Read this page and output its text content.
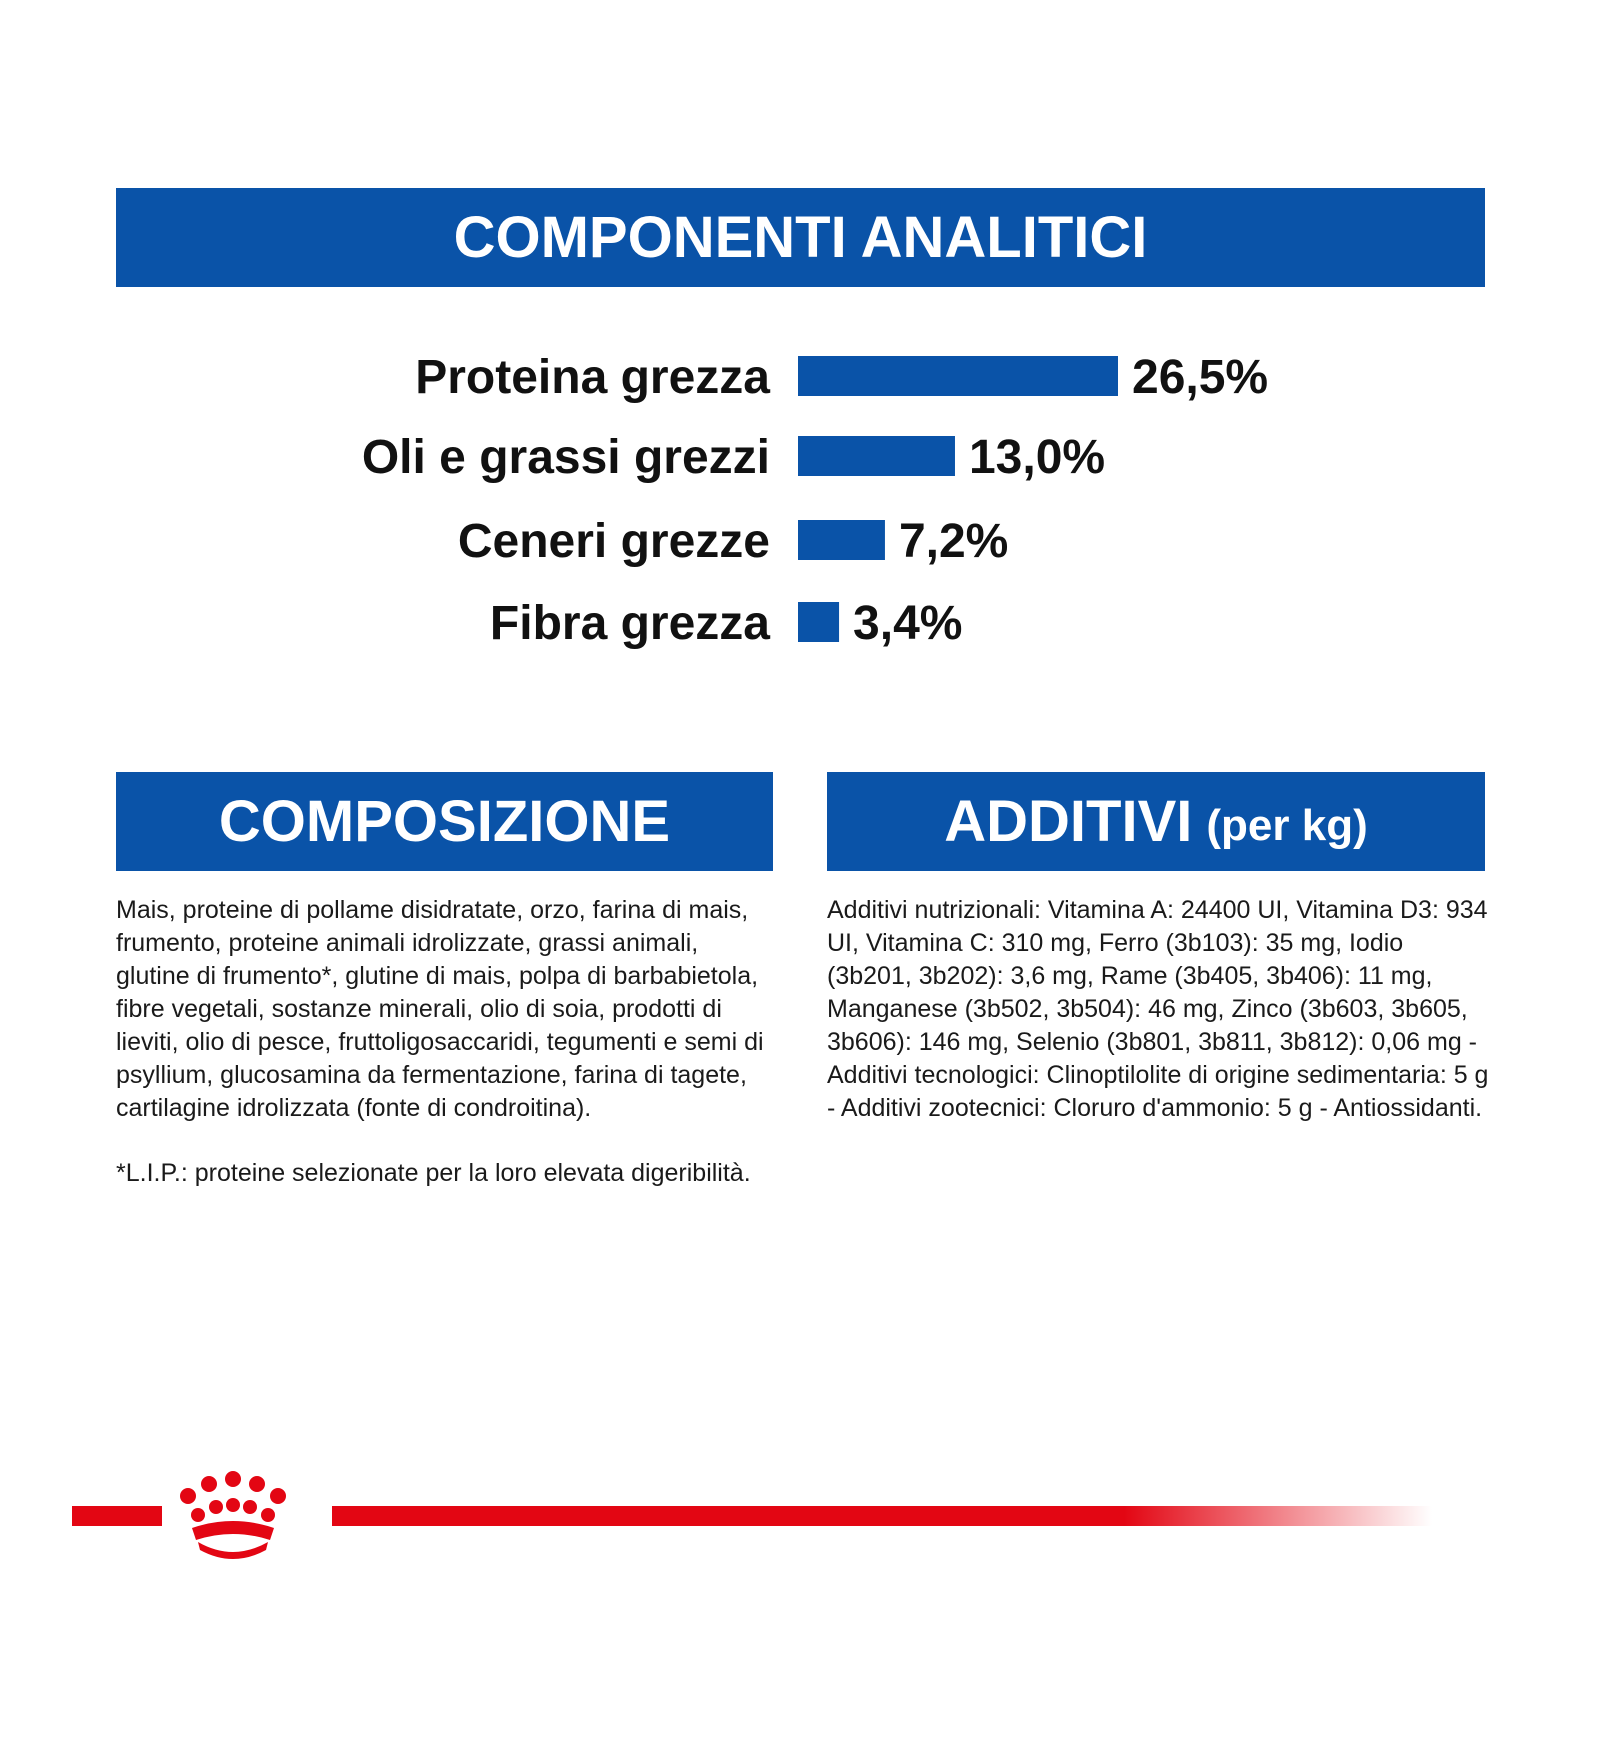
COMPONENTI ANALITICI
Proteina grezza	26,5%
Oli e grassi grezzi	13,0%
Ceneri grezze	7,2%
Fibra grezza 3,4%
COMPOSIZIONE	ADDITIVI (per kg)

Mais, proteine di pollame disidratate, orzo, farina di mais, frumento, proteine animali idrolizzate, grassi animali, glutine di frumento*, glutine di mais, polpa di barbabietola, fibre vegetali, sostanze minerali, olio di soia, prodotti di lieviti, olio di pesce, fruttoligosaccaridi, tegumenti e semi di psyllium, glucosamina da fermentazione, farina di tagete, cartilagine idrolizzata (fonte di condroitina).

*L.I.P.: proteine selezionate per la loro elevata digeribilità.

Additivi nutrizionali: Vitamina A: 24400 UI, Vitamina D3: 934 UI, Vitamina C: 310 mg, Ferro (3b103): 35 mg, Iodio (3b201, 3b202): 3,6 mg, Rame (3b405, 3b406): 11 mg, Manganese (3b502, 3b504): 46 mg, Zinco (3b603, 3b605, 3b606): 146 mg, Selenio (3b801, 3b811, 3b812): 0,06 mg - Additivi tecnologici: Clinoptilolite di origine sedimentaria: 5 g - Additivi zootecnici: Cloruro d'ammonio: 5 g - Antiossidanti.
